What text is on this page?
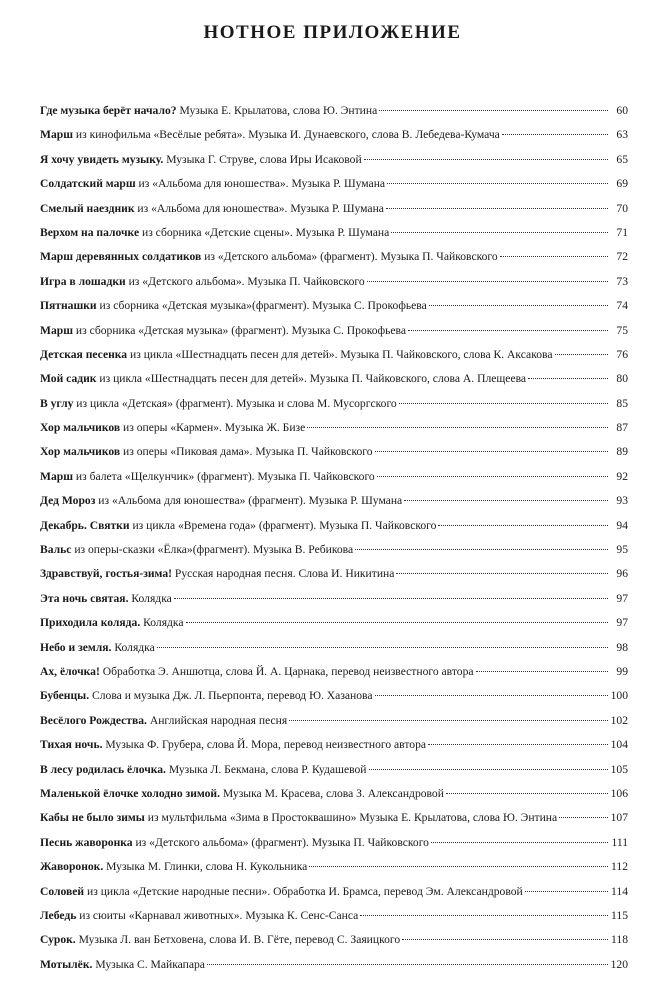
НОТНОЕ ПРИЛОЖЕНИЕ
Где музыка берёт начало? Музыка Е. Крылатова, слова Ю. Энтина	60
Марш из кинофильма «Весёлые ребята». Музыка И. Дунаевского, слова В. Лебедева-Кумача	63
Я хочу увидеть музыку. Музыка Г. Струве, слова Иры Исаковой	65
Солдатский марш из «Альбома для юношества». Музыка Р. Шумана	69
Смелый наездник из «Альбома для юношества». Музыка Р. Шумана	70
Верхом на палочке из сборника «Детские сцены». Музыка Р. Шумана	71
Марш деревянных солдатиков из «Детского альбома» (фрагмент). Музыка П. Чайковского	72
Игра в лошадки из «Детского альбома». Музыка П. Чайковского	73
Пятнашки из сборника «Детская музыка»(фрагмент). Музыка С. Прокофьева	74
Марш из сборника «Детская музыка» (фрагмент). Музыка С. Прокофьева	75
Детская песенка из цикла «Шестнадцать песен для детей». Музыка П. Чайковского, слова К. Аксакова	76
Мой садик из цикла «Шестнадцать песен для детей». Музыка П. Чайковского, слова А. Плещеева	80
В углу из цикла «Детская» (фрагмент). Музыка и слова М. Мусоргского	85
Хор мальчиков из оперы «Кармен». Музыка Ж. Бизе	87
Хор мальчиков из оперы «Пиковая дама». Музыка П. Чайковского	89
Марш из балета «Щелкунчик» (фрагмент). Музыка П. Чайковского	92
Дед Мороз из «Альбома для юношества» (фрагмент). Музыка Р. Шумана	93
Декабрь. Святки из цикла «Времена года» (фрагмент). Музыка П. Чайковского	94
Вальс из оперы-сказки «Ёлка»(фрагмент). Музыка В. Ребикова	95
Здравствуй, гостья-зима! Русская народная песня. Слова И. Никитина	96
Эта ночь святая. Колядка	97
Приходила коляда. Колядка	97
Небо и земля. Колядка	98
Ах, ёлочка! Обработка Э. Аншютца, слова Й. А. Царнака, перевод неизвестного автора	99
Бубенцы. Слова и музыка Дж. Л. Пьерпонта, перевод Ю. Хазанова	100
Весёлого Рождества. Английская народная песня	102
Тихая ночь. Музыка Ф. Грубера, слова Й. Мора, перевод неизвестного автора	104
В лесу родилась ёлочка. Музыка Л. Бекмана, слова Р. Кудашевой	105
Маленькой ёлочке холодно зимой. Музыка М. Красева, слова З. Александровой	106
Кабы не было зимы из мультфильма «Зима в Простоквашино» Музыка Е. Крылатова, слова Ю. Энтина	107
Песнь жаворонка из «Детского альбома» (фрагмент). Музыка П. Чайковского	111
Жаворонок. Музыка М. Глинки, слова Н. Кукольника	112
Соловей из цикла «Детские народные песни». Обработка И. Брамса, перевод Эм. Александровой	114
Лебедь из сюиты «Карнавал животных». Музыка К. Сенс-Санса	115
Сурок. Музыка Л. ван Бетховена, слова И. В. Гёте, перевод С. Заяицкого	118
Мотылёк. Музыка С. Майкапара	120
